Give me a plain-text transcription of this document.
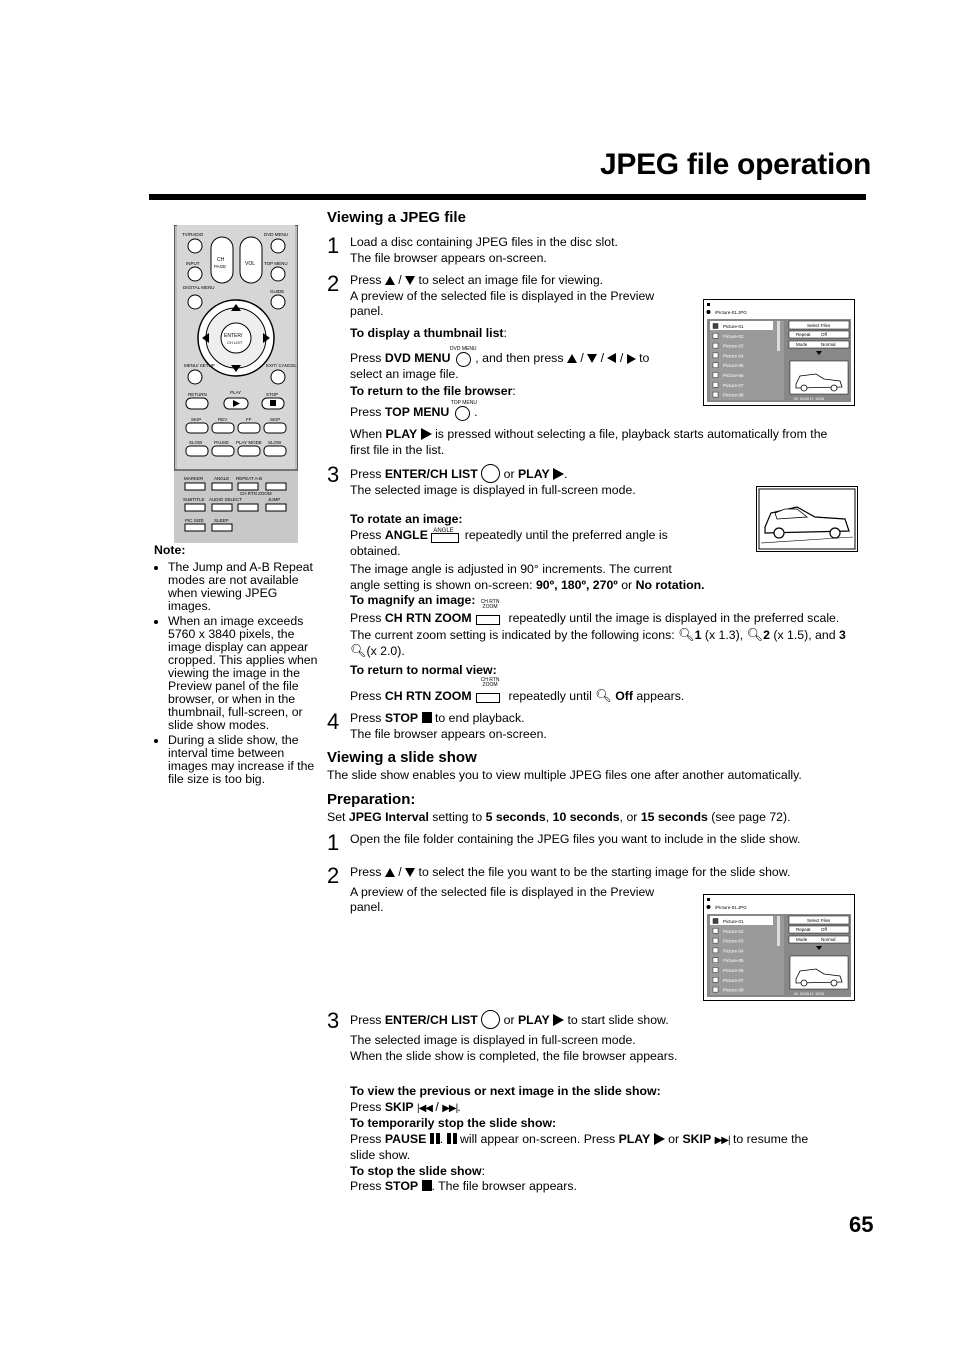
JPEG file operation
TV/RADIO	DVD MENU
INPUT
CH
PAGE	VOL TOP MENU
DIGITAL MENU
GUIDE
ENTER/
CH LIST
MENU/ SETUP	EXIT/ CANCEL
RETURN	PLAY	STOP
SKIP	REV	FF	SKIP
SLOW	PAUSE PLAY MODE SLOW
MARKER ANGLE REPEAT A-B
SUBTITLE AUDIO SELECT
CH RTN ZOOM
JUMP
PIC SIZE SLEEP
Note:
• The Jump and A-B Repeat modes are not available when viewing JPEG images.
• When an image exceeds 5760 x 3840 pixels, the image display can appear cropped. This applies when viewing the image in the Preview panel of the file browser, or when in the thumbnail, full-screen, or slide show modes.
• During a slide show, the interval time between images may increase if the file size is too big.
Viewing a JPEG file
1 Load a disc containing JPEG files in the disc slot.
The file browser appears on-screen.
2 Press  /  to select an image file for viewing.
A preview of the selected file is displayed in the Preview
panel.
To display a thumbnail list:
Press DVD MENU
DVD MENU
, and then press  /  /  /  to
select an image file.
To return to the file browser:
Press TOP MENU
TOP MENU
.
When PLAY is pressed without selecting a file, playback starts automatically from the
first file in the list.
3 Press ENTER/CH LIST or PLAY .
The selected image is displayed in full-screen mode.
To rotate an image:
Press ANGLE ANGLE repeatedly until the preferred angle is
obtained.
The image angle is adjusted in 90° increments. The current
angle setting is shown on-screen: 90º, 180º, 270º or No rotation.
To magnify an image:
Press CH RTN ZOOM
CH RTN ZOOM
repeatedly until the image is displayed in the preferred scale.
The current zoom setting is indicated by the following icons: 🔍︎1 (x 1.3), 🔍︎2 (x 1.5), and 3
🔍︎(x 2.0).
To return to normal view:
Press CH RTN ZOOM
CH RTN ZOOM
repeatedly until 🔍︎ Off appears.
4 Press STOP to end playback.
The file browser appears on-screen.
/Picture-01.JPG
Picture-01
Picture-02
Picture-03
Picture-04
Picture-05
Picture-06
Picture-07
Picture-08
Select Files
Repeat Off
Mode	Normal
W: 2048 H: 1536
Viewing a slide show
The slide show enables you to view multiple JPEG files one after another automatically.
Preparation:
Set JPEG Interval setting to 5 seconds, 10 seconds, or 15 seconds (see page 72).
1 Open the file folder containing the JPEG files you want to include in the slide show.
2 Press  /  to select the file you want to be the starting image for the slide show.
A preview of the selected file is displayed in the Preview
panel.	/Picture-01.JPG
Picture-01
Picture-02
Picture-03
Picture-04
Picture-05
Picture-06
Picture-07
Picture-08
Select Files
Repeat Off
Mode	Normal
W: 2048 H: 1536
3 Press ENTER/CH LIST or PLAY to start slide show.
The selected image is displayed in full-screen mode.
When the slide show is completed, the file browser appears.
To view the previous or next image in the slide show:
Press SKIP |◀◀ / ▶▶|.
To temporarily stop the slide show:
Press PAUSE .  will appear on-screen. Press PLAY or SKIP ▶▶| to resume the
slide show.
To stop the slide show:
Press STOP . The file browser appears.
65
